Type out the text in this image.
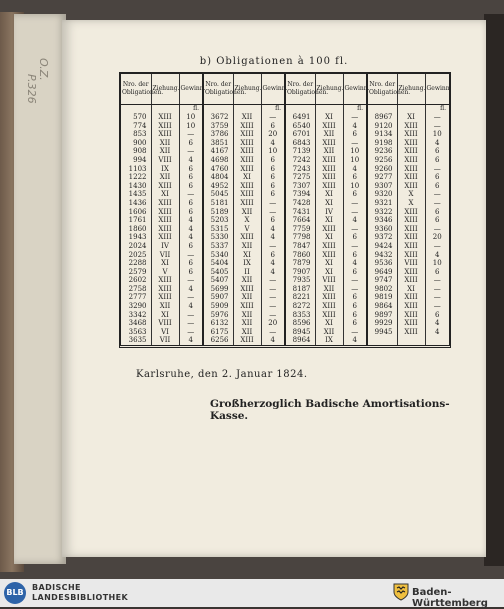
O.Z.
P.326
b) Obligationen à 100 fl.
Nro. der Obligationen.	Ziehung.	Gewinn.	Nro. der Obligationen.	Ziehung.	Gewinn.	Nro. der Obligationen.	Ziehung.	Gewinn.	Nro. der Obligationen.	Ziehung.	Gewinn.
		fl.			fl.			fl.			fl.
570	XIII	10	3672	XII	—	6491	XI	—	8967	XI	—
774	XIII	10	3759	XIII	6	6540	XIII	4	9120	XIII	—
853	XIII	—	3786	XIII	20	6701	XII	6	9134	XIII	10
900	XII	6	3851	XIII	4	6843	XIII	—	9198	XIII	4
908	XII	—	4167	XIII	10	7139	XII	10	9236	XIII	6
994	VIII	4	4698	XIII	6	7242	XIII	10	9256	XIII	6
1103	IX	6	4760	XIII	6	7243	XIII	4	9260	XIII	—
1222	XII	6	4804	XI	6	7275	XIII	6	9277	XIII	6
1430	XIII	6	4952	XIII	6	7307	XIII	10	9307	XIII	6
1435	XI	—	5045	XIII	6	7394	XI	6	9320	X	—
1436	XIII	6	5181	XIII	—	7428	XI	—	9321	X	—
1606	XIII	6	5189	XII	—	7431	IV	—	9322	XIII	6
1761	XIII	4	5203	X	6	7664	XI	4	9346	XIII	6
1860	XIII	4	5315	V	4	7759	XIII	—	9360	XIII	—
1943	XIII	4	5330	XIII	4	7798	XI	6	9372	XIII	20
2024	IV	6	5337	XII	—	7847	XIII	—	9424	XIII	—
2025	VII	—	5340	XI	6	7860	XIII	6	9432	XIII	4
2288	XI	6	5404	IX	4	7879	XI	4	9536	VIII	10
2579	V	6	5405	II	4	7907	XI	6	9649	XIII	6
2602	XIII	—	5407	XII	—	7935	VIII	—	9747	XIII	—
2758	XIII	4	5699	XIII	—	8187	XII	—	9802	XI	—
2777	XIII	—	5907	XII	—	8221	XIII	6	9819	XIII	—
3290	XII	4	5909	XIII	—	8272	XIII	6	9864	XIII	—
3342	XI	—	5976	XII	—	8353	XIII	6	9897	XIII	6
3468	VIII	—	6132	XII	20	8596	XI	6	9929	XIII	4
3563	VI	—	6175	XII	—	8945	XII	—	9945	XIII	4
3635	VII	4	6256	XIII	4	8964	IX	4			
Karlsruhe, den 2. Januar 1824.
Großherzoglich Badische Amortisations-Kasse.
BLB
BADISCHE
LANDESBIBLIOTHEK	Baden-Württemberg
